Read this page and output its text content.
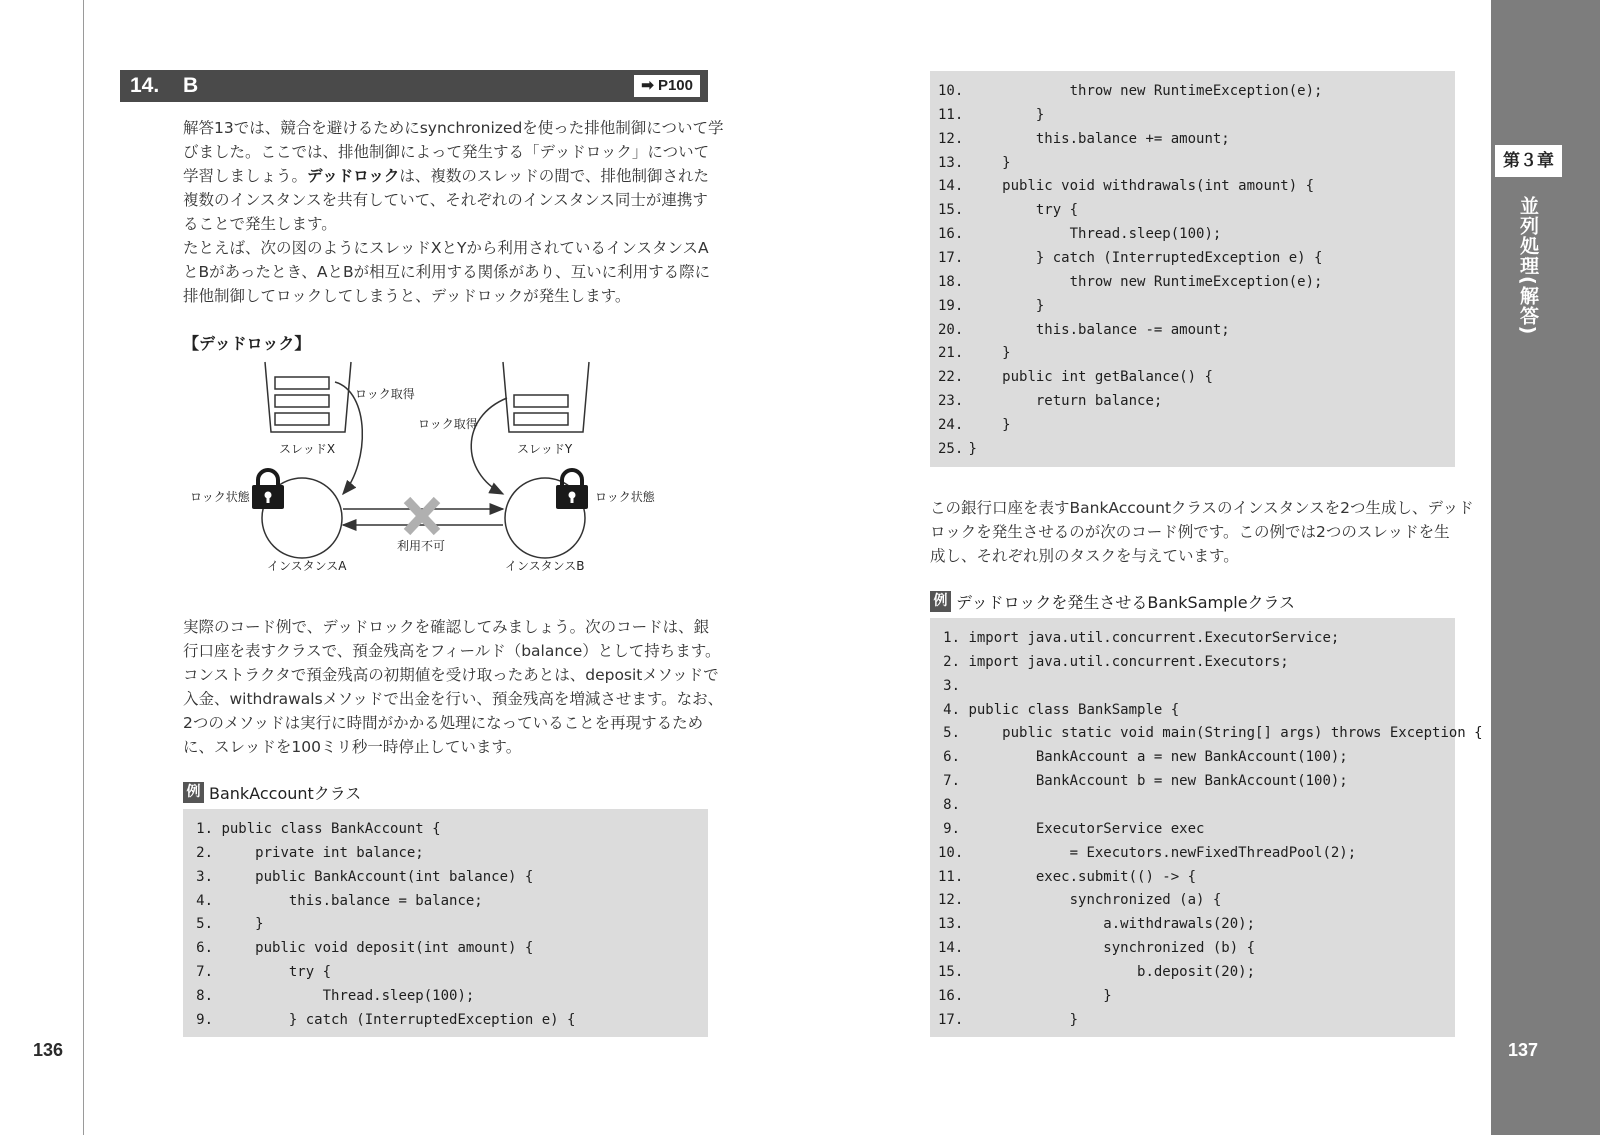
14. B	➡ P100

解答13では、競合を避けるためにsynchronizedを使った排他制御について学

びました。ここでは、排他制御によって発生する「デッドロック」について

学習しましょう。デッドロックは、複数のスレッドの間で、排他制御された

複数のインスタンスを共有していて、それぞれのインスタンス同士が連携す

ることで発生します。

たとえば、次の図のようにスレッドXとYから利用されているインスタンスA

とBがあったとき、AとBが相互に利用する関係があり、互いに利用する際に

排他制御してロックしてしまうと、デッドロックが発生します。

【デッドロック】
スレッドX	スレッドY
ロック取得
ロック取得
ロック状態	ロック状態
インスタンスA	インスタンスB
利用不可

実際のコード例で、デッドロックを確認してみましょう。次のコードは、銀

行口座を表すクラスで、預金残高をフィールド（balance）として持ちます。

コンストラクタで預金残高の初期値を受け取ったあとは、depositメソッドで

入金、withdrawalsメソッドで出金を行い、預金残高を増減させます。なお、

2つのメソッドは実行に時間がかかる処理になっていることを再現するため

に、スレッドを100ミリ秒一時停止しています。

例 BankAccountクラス
1. public class BankAccount {
2.     private int balance;
3.     public BankAccount(int balance) {
4.         this.balance = balance;
5.     }
6.     public void deposit(int amount) {
7.         try {
8.             Thread.sleep(100);
9.         } catch (InterruptedException e) {
136
10.             throw new RuntimeException(e);
11.         }
12.         this.balance += amount;
13.     }
14.     public void withdrawals(int amount) {
15.         try {
16.             Thread.sleep(100);
17.         } catch (InterruptedException e) {
18.             throw new RuntimeException(e);
19.         }
20.         this.balance -= amount;
21.     }
22.     public int getBalance() {
23.         return balance;
24.     }
25. }

この銀行口座を表すBankAccountクラスのインスタンスを2つ生成し、デッド

ロックを発生させるのが次のコード例です。この例では2つのスレッドを生

成し、それぞれ別のタスクを与えています。

例 デッドロックを発生させるBankSampleクラス
1. import java.util.concurrent.ExecutorService;
2. import java.util.concurrent.Executors;
3.
4. public class BankSample {
5.     public static void main(String[] args) throws Exception {
6.         BankAccount a = new BankAccount(100);
7.         BankAccount b = new BankAccount(100);
8.
9.         ExecutorService exec
10.             = Executors.newFixedThreadPool(2);
11.         exec.submit(() -> {
12.             synchronized (a) {
13.                 a.withdrawals(20);
14.                 synchronized (b) {
15.                     b.deposit(20);
16.                 }
17.             }
第３章
並列処理(解答)
137
